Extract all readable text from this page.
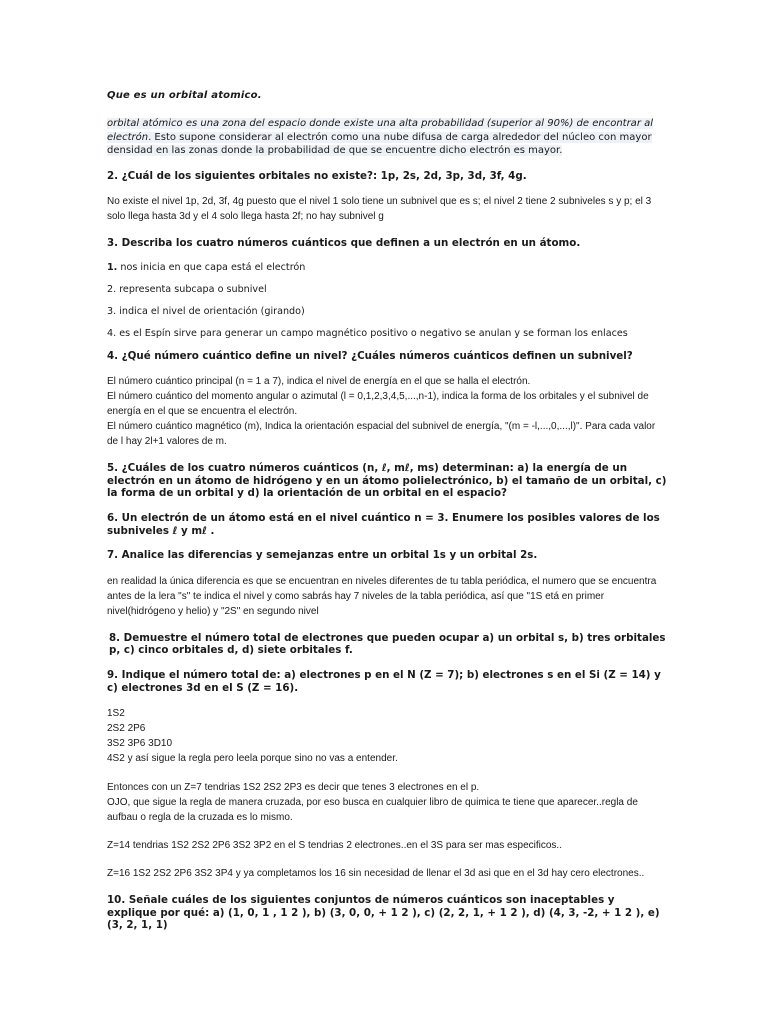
Que es un orbital atomico.

orbital atómico es una zona del espacio donde existe una alta probabilidad (superior al 90%) de encontrar al electrón. Esto supone considerar al electrón como una nube difusa de carga alrededor del núcleo con mayor densidad en las zonas donde la probabilidad de que se encuentre dicho electrón es mayor.

2. ¿Cuál de los siguientes orbitales no existe?: 1p, 2s, 2d, 3p, 3d, 3f, 4g.

No existe el nivel 1p, 2d, 3f, 4g puesto que el nivel 1 solo tiene un subnivel que es s; el nivel 2 tiene 2 subniveles s y p; el 3 solo llega hasta 3d y el 4 solo llega hasta 2f; no hay subnivel g

3. Describa los cuatro números cuánticos que definen a un electrón en un átomo.

1. nos inicia en que capa está el electrón

2. representa subcapa o subnivel

3. indica el nivel de orientación (girando)

4. es el Espín sirve para generar un campo magnético positivo o negativo se anulan y se forman los enlaces

4. ¿Qué número cuántico define un nivel? ¿Cuáles números cuánticos definen un subnivel?

El número cuántico principal (n = 1 a 7), indica el nivel de energía en el que se halla el electrón.
El número cuántico del momento angular o azimutal (l = 0,1,2,3,4,5,...,n-1), indica la forma de los orbitales y el subnivel de energía en el que se encuentra el electrón.
El número cuántico magnético (m), Indica la orientación espacial del subnivel de energía, "(m = -l,...,0,...,l)". Para cada valor de l hay 2l+1 valores de m.

5. ¿Cuáles de los cuatro números cuánticos (n, ℓ, mℓ, ms) determinan: a) la energía de un electrón en un átomo de hidrógeno y en un átomo polielectrónico, b) el tamaño de un orbital, c) la forma de un orbital y d) la orientación de un orbital en el espacio?

6. Un electrón de un átomo está en el nivel cuántico n = 3. Enumere los posibles valores de los subniveles ℓ y mℓ .

7. Analice las diferencias y semejanzas entre un orbital 1s y un orbital 2s.

en realidad la única diferencia es que se encuentran en niveles diferentes de tu tabla periódica, el numero que se encuentra antes de la lera "s" te indica el nivel y como sabrás hay 7 niveles de la tabla periódica, así que "1S etá en primer nivel(hidrógeno y helio) y "2S" en segundo nivel

8. Demuestre el número total de electrones que pueden ocupar a) un orbital s, b) tres orbitales p, c) cinco orbitales d, d) siete orbitales f.

9. Indique el número total de: a) electrones p en el N (Z = 7); b) electrones s en el Si (Z = 14) y c) electrones 3d en el S (Z = 16).

1S2
2S2 2P6
3S2 3P6 3D10
4S2 y así sigue la regla pero leela porque sino no vas a entender.
Entonces con un Z=7 tendrias 1S2 2S2 2P3 es decir que tenes 3 electrones en el p.
OJO, que sigue la regla de manera cruzada, por eso busca en cualquier libro de quimica te tiene que aparecer..regla de aufbau o regla de la cruzada es lo mismo.

Z=14 tendrias 1S2 2S2 2P6 3S2 3P2 en el S tendrias 2 electrones..en el 3S para ser mas especificos..

Z=16 1S2 2S2 2P6 3S2 3P4 y ya completamos los 16 sin necesidad de llenar el 3d asi que en el 3d hay cero electrones..

10. Señale cuáles de los siguientes conjuntos de números cuánticos son inaceptables y explique por qué: a) (1, 0, 1 , 1 2 ), b) (3, 0, 0, + 1 2 ), c) (2, 2, 1, + 1 2 ), d) (4, 3, -2, + 1 2 ), e) (3, 2, 1, 1)
